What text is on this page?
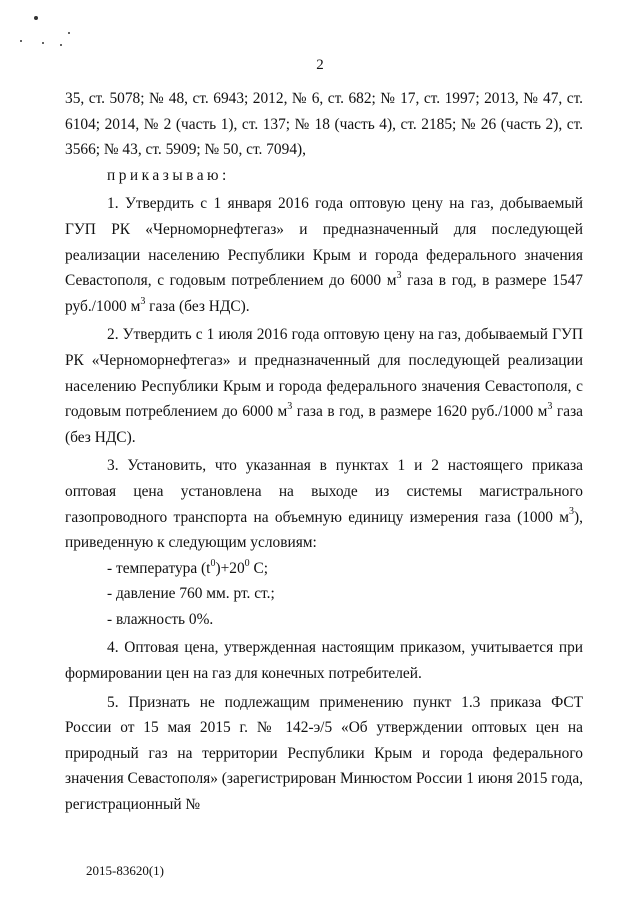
2

35, ст. 5078; № 48, ст. 6943; 2012, № 6, ст. 682; № 17, ст. 1997; 2013, № 47, ст. 6104; 2014, № 2 (часть 1), ст. 137; № 18 (часть 4), ст. 2185; № 26 (часть 2), ст. 3566; № 43, ст. 5909; № 50, ст. 7094),

приказываю:

1. Утвердить с 1 января 2016 года оптовую цену на газ, добываемый ГУП РК «Черноморнефтегаз» и предназначенный для последующей реализации населению Республики Крым и города федерального значения Севастополя, с годовым потреблением до 6000 $м^3$ газа в год, в размере 1547 руб./1000 $м^3$ газа (без НДС).

2. Утвердить с 1 июля 2016 года оптовую цену на газ, добываемый ГУП РК «Черноморнефтегаз» и предназначенный для последующей реализации населению Республики Крым и города федерального значения Севастополя, с годовым потреблением до 6000 $м^3$ газа в год, в размере 1620 руб./1000 $м^3$ газа (без НДС).

3. Установить, что указанная в пунктах 1 и 2 настоящего приказа оптовая цена установлена на выходе из системы магистрального газопроводного транспорта на объемную единицу измерения газа (1000 $м^3$), приведенную к следующим условиям:

- температура $(t^0)+20^0$ С;

- давление 760 мм. рт. ст.;

- влажность 0%.

4. Оптовая цена, утвержденная настоящим приказом, учитывается при формировании цен на газ для конечных потребителей.

5. Признать не подлежащим применению пункт 1.3 приказа ФСТ России от 15 мая 2015 г. № 142-э/5 «Об утверждении оптовых цен на природный газ на территории Республики Крым и города федерального значения Севастополя» (зарегистрирован Минюстом России 1 июня 2015 года, регистрационный №

2015-83620(1)
